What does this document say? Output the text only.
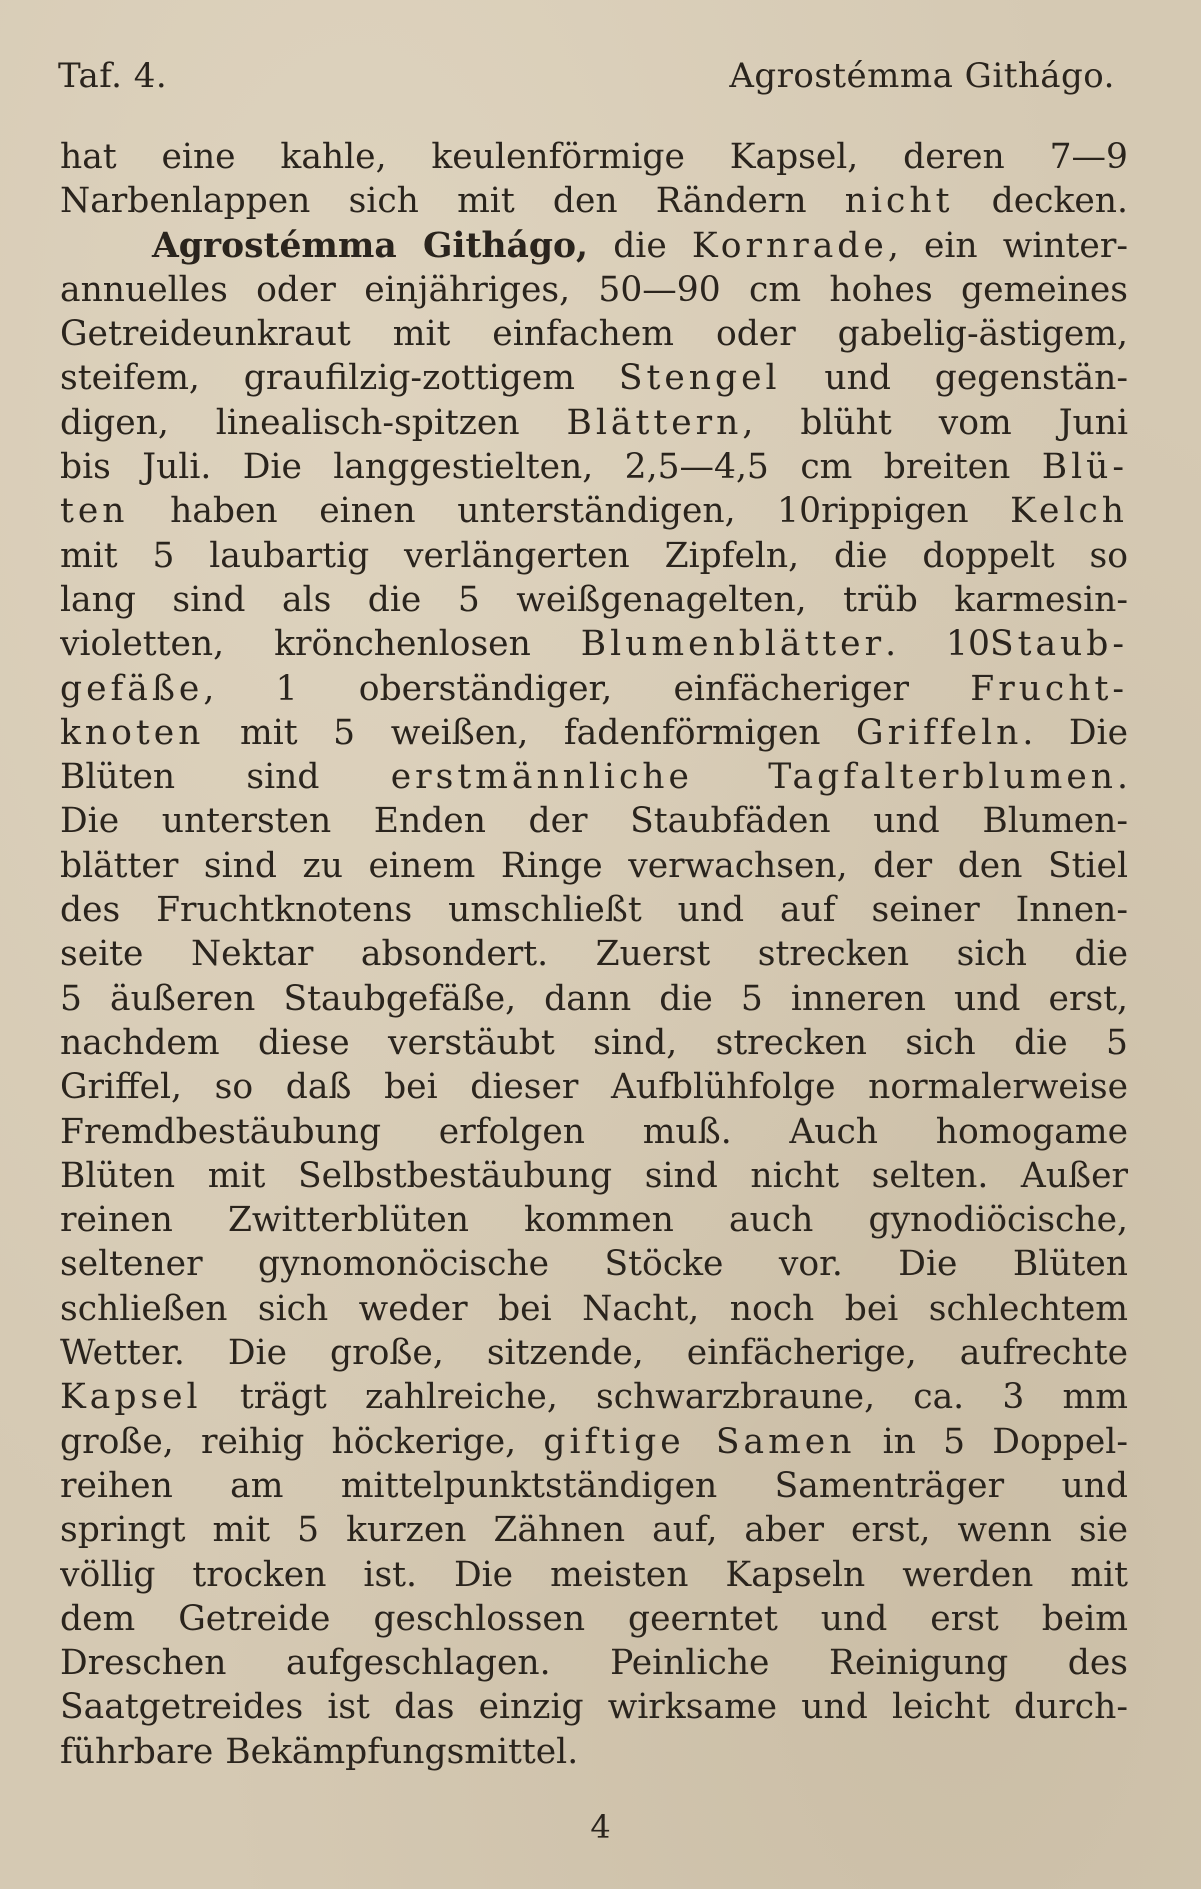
Taf. 4.	Agrostémma Githágo.
hat eine kahle, keulenförmige Kapsel, deren 7—9
Narbenlappen sich mit den Rändern nicht decken.
Agrostémma Githágo, die Kornrade, ein winter-
annuelles oder einjähriges, 50—90 cm hohes gemeines
Getreideunkraut mit einfachem oder gabelig-ästigem,
steifem, graufilzig-zottigem Stengel und gegenstän-
digen, linealisch-spitzen Blättern, blüht vom Juni
bis Juli. Die langgestielten, 2,5—4,5 cm breiten Blü-
ten haben einen unterständigen, 10rippigen Kelch
mit 5 laubartig verlängerten Zipfeln, die doppelt so
lang sind als die 5 weißgenagelten, trüb karmesin-
violetten, krönchenlosen Blumenblätter. 10Staub-
gefäße, 1 oberständiger, einfächeriger Frucht-
knoten mit 5 weißen, fadenförmigen Griffeln. Die
Blüten sind erstmännliche Tagfalterblumen.
Die untersten Enden der Staubfäden und Blumen-
blätter sind zu einem Ringe verwachsen, der den Stiel
des Fruchtknotens umschließt und auf seiner Innen-
seite Nektar absondert. Zuerst strecken sich die
5 äußeren Staubgefäße, dann die 5 inneren und erst,
nachdem diese verstäubt sind, strecken sich die 5
Griffel, so daß bei dieser Aufblühfolge normalerweise
Fremdbestäubung erfolgen muß. Auch homogame
Blüten mit Selbstbestäubung sind nicht selten. Außer
reinen Zwitterblüten kommen auch gynodiöcische,
seltener gynomonöcische Stöcke vor. Die Blüten
schließen sich weder bei Nacht, noch bei schlechtem
Wetter. Die große, sitzende, einfächerige, aufrechte
Kapsel trägt zahlreiche, schwarzbraune, ca. 3 mm
große, reihig höckerige, giftige Samen in 5 Doppel-
reihen am mittelpunktständigen Samenträger und
springt mit 5 kurzen Zähnen auf, aber erst, wenn sie
völlig trocken ist. Die meisten Kapseln werden mit
dem Getreide geschlossen geerntet und erst beim
Dreschen aufgeschlagen. Peinliche Reinigung des
Saatgetreides ist das einzig wirksame und leicht durch-
führbare Bekämpfungsmittel.
4
